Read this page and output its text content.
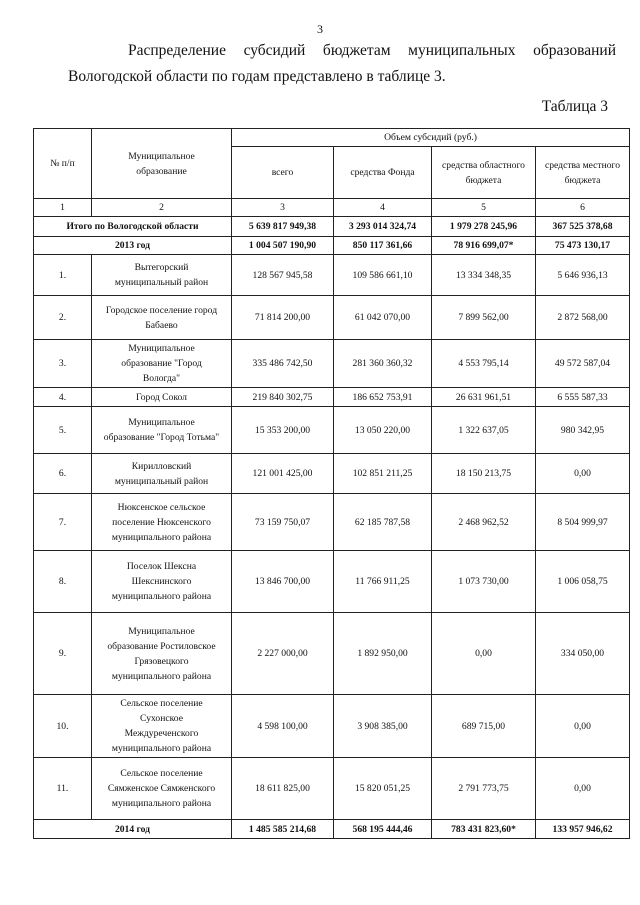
3
Распределение субсидий бюджетам муниципальных образований
Вологодской области по годам представлено в таблице 3.
Таблица 3
№ п/п	Муниципальное образование	Объем субсидий (руб.)			
		всего	средства Фонда	средства областного бюджета	средства местного бюджета
1	2	3	4	5	6
Итого по Вологодской области		5 639 817 949,38	3 293 014 324,74	1 979 278 245,96	367 525 378,68
2013 год		1 004 507 190,90	850 117 361,66	78 916 699,07*	75 473 130,17
1.	Вытегорский муниципальный район	128 567 945,58	109 586 661,10	13 334 348,35	5 646 936,13
2.	Городское поселение город Бабаево	71 814 200,00	61 042 070,00	7 899 562,00	2 872 568,00
3.	Муниципальное образование "Город Вологда"	335 486 742,50	281 360 360,32	4 553 795,14	49 572 587,04
4.	Город Сокол	219 840 302,75	186 652 753,91	26 631 961,51	6 555 587,33
5.	Муниципальное образование "Город Тотьма"	15 353 200,00	13 050 220,00	1 322 637,05	980 342,95
6.	Кирилловский муниципальный район	121 001 425,00	102 851 211,25	18 150 213,75	0,00
7.	Нюксенское сельское поселение Нюксенского муниципального района	73 159 750,07	62 185 787,58	2 468 962,52	8 504 999,97
8.	Поселок Шексна Шекснинского муниципального района	13 846 700,00	11 766 911,25	1 073 730,00	1 006 058,75
9.	Муниципальное образование Ростиловское Грязовецкого муниципального района	2 227 000,00	1 892 950,00	0,00	334 050,00
10.	Сельское поселение Сухонское Междуреченского муниципального района	4 598 100,00	3 908 385,00	689 715,00	0,00
11.	Сельское поселение Сямженское Сямженского муниципального района	18 611 825,00	15 820 051,25	2 791 773,75	0,00
2014 год		1 485 585 214,68	568 195 444,46	783 431 823,60*	133 957 946,62
